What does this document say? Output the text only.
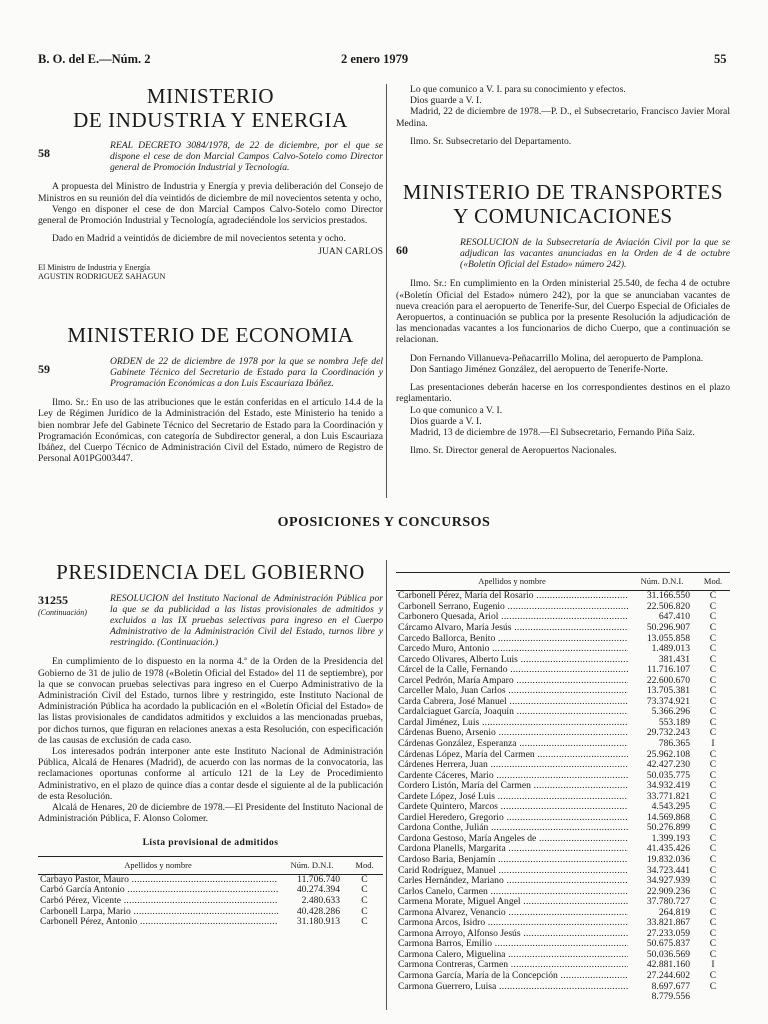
B. O. del E.—Núm. 2	2 enero 1979	55
MINISTERIO
DE INDUSTRIA Y ENERGIA
58
REAL DECRETO 3084/1978, de 22 de diciembre, por el que se dispone el cese de don Marcial Campos Calvo-Sotelo como Director general de Promoción Industrial y Tecnología.

A propuesta del Ministro de Industria y Energía y previa deliberación del Consejo de Ministros en su reunión del día veintidós de diciembre de mil novecientos setenta y ocho,

Vengo en disponer el cese de don Marcial Campos Calvo-Sotelo como Director general de Promoción Industrial y Tecnología, agradeciéndole los servicios prestados.

Dado en Madrid a veintidós de diciembre de mil novecientos setenta y ocho.

JUAN CARLOS
El Ministro de Industria y Energía
AGUSTIN RODRIGUEZ SAHAGUN
MINISTERIO DE ECONOMIA
59
ORDEN de 22 de diciembre de 1978 por la que se nombra Jefe del Gabinete Técnico del Secretario de Estado para la Coordinación y Programación Económicas a don Luis Escauriaza Ibáñez.

Ilmo. Sr.: En uso de las atribuciones que le están conferidas en el artículo 14.4 de la Ley de Régimen Jurídico de la Administración del Estado, este Ministerio ha tenido a bien nombrar Jefe del Gabinete Técnico del Secretario de Estado para la Coordinación y Programación Económicas, con categoría de Subdirector general, a don Luis Escauriaza Ibáñez, del Cuerpo Técnico de Administración Civil del Estado, número de Registro de Personal A01PG003447.

Lo que comunico a V. I. para su conocimiento y efectos.

Dios guarde a V. I.

Madrid, 22 de diciembre de 1978.—P. D., el Subsecretario, Francisco Javier Moral Medina.

Ilmo. Sr. Subsecretario del Departamento.

MINISTERIO DE TRANSPORTES
Y COMUNICACIONES
60
RESOLUCION de la Subsecretaría de Aviación Civil por la que se adjudican las vacantes anunciadas en la Orden de 4 de octubre («Boletín Oficial del Estado» número 242).

Ilmo. Sr.: En cumplimiento en la Orden ministerial 25.540, de fecha 4 de octubre («Boletín Oficial del Estado» número 242), por la que se anunciaban vacantes de nueva creación para el aeropuerto de Tenerife-Sur, del Cuerpo Especial de Oficiales de Aeropuertos, a continuación se publica por la presente Resolución la adjudicación de las mencionadas vacantes a los funcionarios de dicho Cuerpo, que a continuación se relacionan.

Don Fernando Villanueva-Peñacarrillo Molina, del aeropuerto de Pamplona.

Don Santiago Jiménez González, del aeropuerto de Tenerife-Norte.

Las presentaciones deberán hacerse en los correspondientes destinos en el plazo reglamentario.

Lo que comunico a V. I.

Dios guarde a V. I.

Madrid, 13 de diciembre de 1978.—El Subsecretario, Fernando Piña Saiz.

Ilmo. Sr. Director general de Aeropuertos Nacionales.

OPOSICIONES Y CONCURSOS
PRESIDENCIA DEL GOBIERNO
31255
(Continuación)
RESOLUCION del Instituto Nacional de Administración Pública por la que se da publicidad a las listas provisionales de admitidos y excluidos a las IX pruebas selectivas para ingreso en el Cuerpo Administrativo de la Administración Civil del Estado, turnos libre y restringido. (Continuación.)

En cumplimiento de lo dispuesto en la norma 4.ª de la Orden de la Presidencia del Gobierno de 31 de julio de 1978 («Boletín Oficial del Estado» del 11 de septiembre), por la que se convocan pruebas selectivas para ingreso en el Cuerpo Administrativo de la Administración Civil del Estado, turnos libre y restringido, este Instituto Nacional de Administración Pública ha acordado la publicación en el «Boletín Oficial del Estado» de las listas provisionales de candidatos admitidos y excluidos a las mencionadas pruebas, por dichos turnos, que figuran en relaciones anexas a esta Resolución, con especificación de las causas de exclusión de cada caso.

Los interesados podrán interponer ante este Instituto Nacional de Administración Pública, Alcalá de Henares (Madrid), de acuerdo con las normas de la convocatoria, las reclamaciones oportunas conforme al artículo 121 de la Ley de Procedimiento Administrativo, en el plazo de quince días a contar desde el siguiente al de la publicación de esta Resolución.

Alcalá de Henares, 20 de diciembre de 1978.—El Presidente del Instituto Nacional de Administración Pública, F. Alonso Colomer.

Lista provisional de admitidos
Apellidos y nombre	Núm. D.N.I.	Mod.
Carbayo Pastor, Mauro .....	11.706.740	C
Carbó García Antonio .....	40.274.394	C
Carbó Pérez, Vicente .....	2.480.633	C
Carbonell Larpa, Mario .....	40.428.286	C
Carbonell Pérez, Antonio .....	31.180.913	C
Apellidos y nombre	Núm. D.N.I.	Mod.
Carbonell Pérez, María del Rosario .....	31.166.550	C
Carbonell Serrano, Eugenio .....	22.506.820	C
Carbonero Quesada, Ariol .....	647.410	C
Cárcamo Alvaro, María Jesús .....	50.296.907	C
Carcedo Ballorca, Benito .....	13.055.858	C
Carcedo Muro, Antonio .....	1.489.013	C
Carcedo Olivares, Alberto Luis .....	381.431	C
Cárcel de la Calle, Fernando .....	11.716.107	C
Carcel Pedrón, María Amparo .....	22.600.670	C
Carceller Malo, Juan Carlos .....	13.705.381	C
Carda Cabrera, José Manuel .....	73.374.921	C
Cardalciaguet García, Joaquín .....	5.366.296	C
Cardal Jiménez, Luis .....	553.189	C
Cárdenas Bueno, Arsenio .....	29.732.243	C
Cárdenas González, Esperanza .....	786.365	I
Cárdenas López, María del Carmen .....	25.962.108	C
Cárdenes Herrera, Juan .....	42.427.230	C
Cardente Cáceres, Mario .....	50.035.775	C
Cordero Listón, María del Carmen .....	34.932.419	C
Cardete López, José Luis .....	33.771.821	C
Cardete Quintero, Marcos .....	4.543.295	C
Cardiel Heredero, Gregorio .....	14.569.868	C
Cardona Conthe, Julián .....	50.276.899	C
Cardona Gestoso, María Angeles de .....	1.399.193	C
Cardona Planells, Margarita .....	41.435.426	C
Cardoso Baria, Benjamín .....	19.832.036	C
Carid Rodríguez, Manuel .....	34.723.441	C
Carles Hernández, Mariano .....	34.927.939	C
Carlos Canelo, Carmen .....	22.909.236	C
Carmena Morate, Miguel Angel .....	37.780.727	C
Carmona Alvarez, Venancio .....	264.819	C
Carmona Arcos, Isidro .....	33.821.867	C
Carmona Arroyo, Alfonso Jesús .....	27.233.059	C
Carmona Barros, Emilio .....	50.675.837	C
Carmona Calero, Miguelina .....	50.036.569	C
Carmona Contreras, Carmen .....	42.881.160	I
Carmona García, María de la Concepción .....	27.244.602	C
Carmona Guerrero, Luisa .....	8.697.677	C
	8.779.556	
